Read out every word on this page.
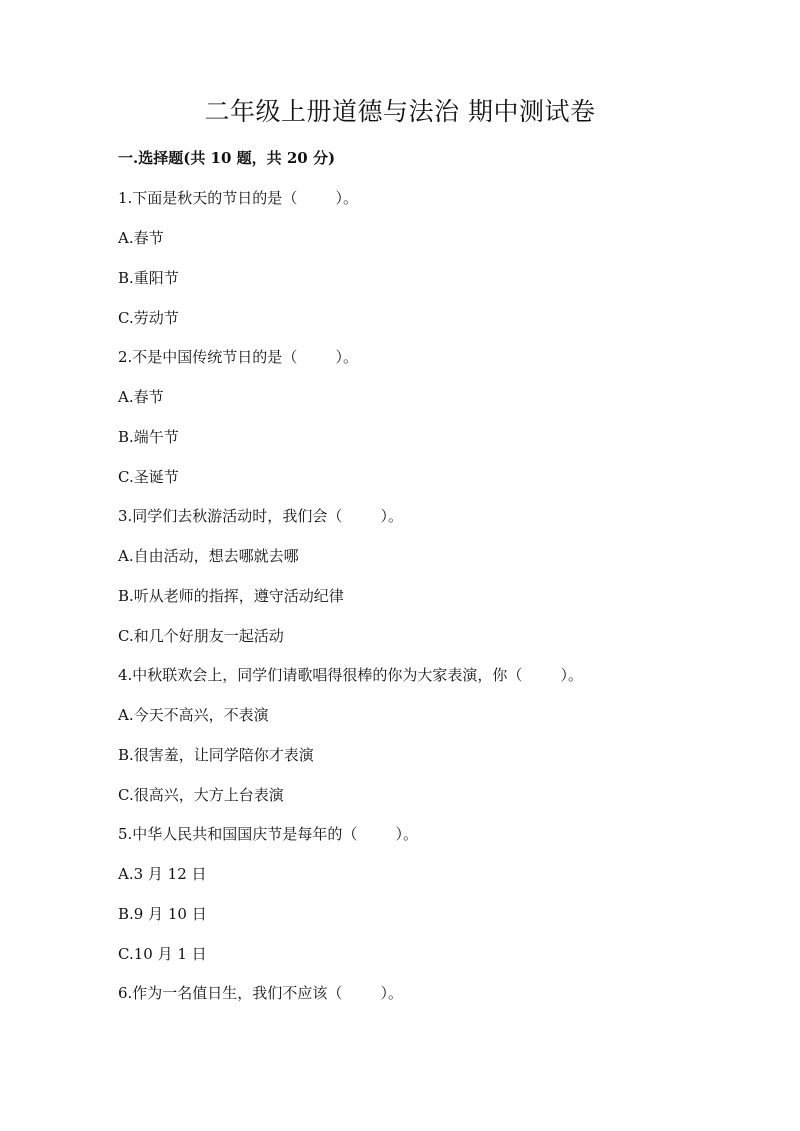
二年级上册道德与法治 期中测试卷
一.选择题(共 10 题，共 20 分)
1.下面是秋天的节日的是（        ）。
A.春节
B.重阳节
C.劳动节
2.不是中国传统节日的是（        ）。
A.春节
B.端午节
C.圣诞节
3.同学们去秋游活动时，我们会（        ）。
A.自由活动，想去哪就去哪
B.听从老师的指挥，遵守活动纪律
C.和几个好朋友一起活动
4.中秋联欢会上，同学们请歌唱得很棒的你为大家表演，你（        ）。
A.今天不高兴，不表演
B.很害羞，让同学陪你才表演
C.很高兴，大方上台表演
5.中华人民共和国国庆节是每年的（        ）。
A.3 月 12 日
B.9 月 10 日
C.10 月 1 日
6.作为一名值日生，我们不应该（        ）。
